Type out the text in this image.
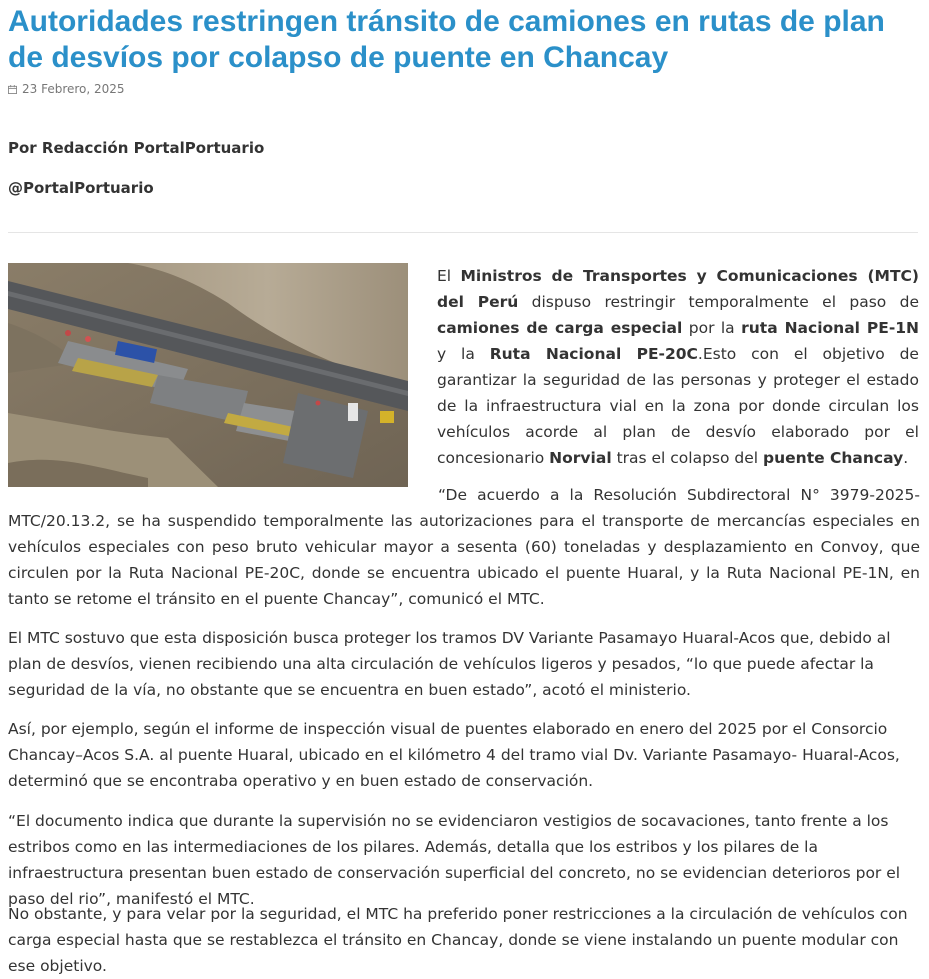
Autoridades restringen tránsito de camiones en rutas de plan de desvíos por colapso de puente en Chancay
23 Febrero, 2025
Por Redacción PortalPortuario
@PortalPortuario

El Ministros de Transportes y Comunicaciones (MTC) del Perú dispuso restringir temporalmente el paso de camiones de carga especial por la ruta Nacional PE-1N y la Ruta Nacional PE-20C.Esto con el objetivo de garantizar la seguridad de las personas y proteger el estado de la infraestructura vial en la zona por donde circulan los vehículos acorde al plan de desvío elaborado por el concesionario Norvial tras el colapso del puente Chancay.

“De acuerdo a la Resolución Subdirectoral N° 3979-2025-MTC/20.13.2, se ha suspendido temporalmente las autorizaciones para el transporte de mercancías especiales en vehículos especiales con peso bruto vehicular mayor a sesenta (60) toneladas y desplazamiento en Convoy, que circulen por la Ruta Nacional PE-20C, donde se encuentra ubicado el puente Huaral, y la Ruta Nacional PE-1N, en tanto se retome el tránsito en el puente Chancay”, comunicó el MTC.

El MTC sostuvo que esta disposición busca proteger los tramos DV Variante Pasamayo Huaral-Acos que, debido al plan de desvíos, vienen recibiendo una alta circulación de vehículos ligeros y pesados, “lo que puede afectar la seguridad de la vía, no obstante que se encuentra en buen estado”, acotó el ministerio.

Así, por ejemplo, según el informe de inspección visual de puentes elaborado en enero del 2025 por el Consorcio Chancay–Acos S.A. al puente Huaral, ubicado en el kilómetro 4 del tramo vial Dv. Variante Pasamayo- Huaral-Acos, determinó que se encontraba operativo y en buen estado de conservación.

“El documento indica que durante la supervisión no se evidenciaron vestigios de socavaciones, tanto frente a los estribos como en las intermediaciones de los pilares. Además, detalla que los estribos y los pilares de la infraestructura presentan buen estado de conservación superficial del concreto, no se evidencian deterioros por el paso del rio”, manifestó el MTC.

No obstante, y para velar por la seguridad, el MTC ha preferido poner restricciones a la circulación de vehículos con carga especial hasta que se restablezca el tránsito en Chancay, donde se viene instalando un puente modular con ese objetivo.
